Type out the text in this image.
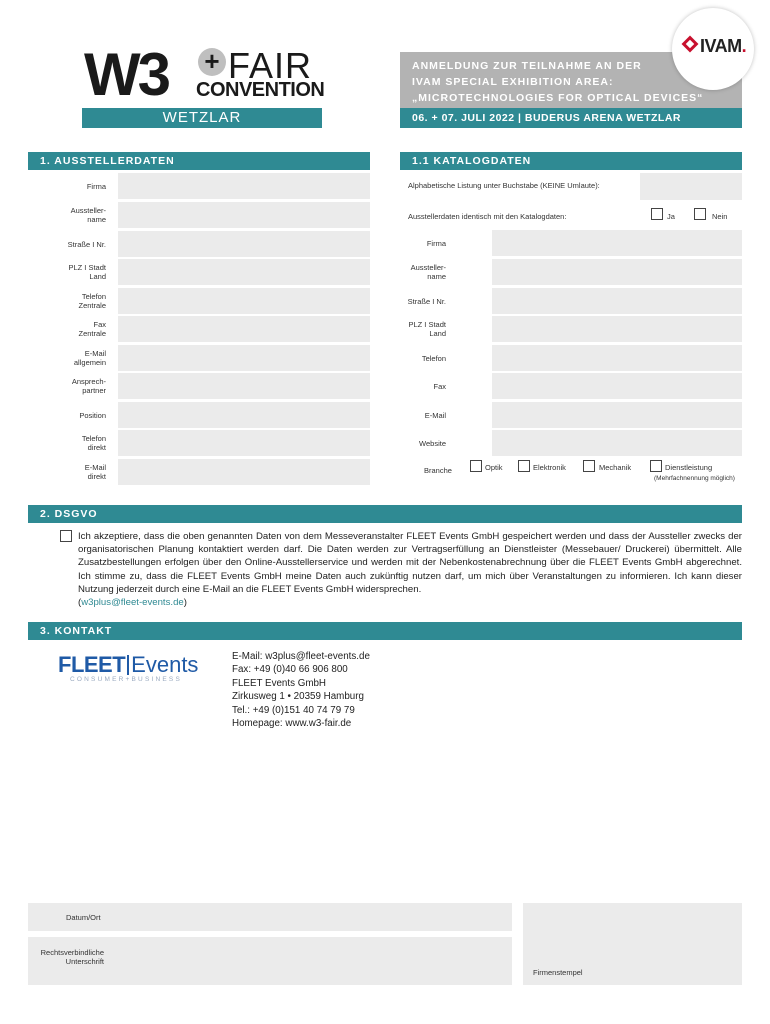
W3 + FAIR
CONVENTION
WETZLAR
ANMELDUNG ZUR TEILNAHME AN DER
IVAM SPECIAL EXHIBITION AREA:
„MICROTECHNOLOGIES FOR OPTICAL DEVICES“
06. + 07. JULI 2022 | BUDERUS ARENA WETZLAR
IVAM.
1. AUSSTELLERDATEN
Firma
Aussteller-
name
Straße I Nr.
PLZ I Stadt
Land
Telefon
Zentrale
Fax
Zentrale
E-Mail
allgemein
Ansprech-
partner
Position
Telefon
direkt
E-Mail
direkt
1.1 KATALOGDATEN
Alphabetische Listung unter Buchstabe (KEINE Umlaute):
Ausstellerdaten identisch mit den Katalogdaten:	Ja	Nein
Firma
Aussteller-
name
Straße I Nr.
PLZ I Stadt
Land
Telefon
Fax
E-Mail
Website
Branche	Optik	Elektronik	Mechanik	Dienstleistung
(Mehrfachnennung möglich)
2. DSGVO
Ich akzeptiere, dass die oben genannten Daten von dem Messeveranstalter FLEET Events GmbH gespeichert werden und dass der Aussteller zwecks der organisatorischen Planung kontaktiert werden darf. Die Daten werden zur Vertragserfüllung an Dienstleister (Messebauer/ Druckerei) übermittelt. Alle Zusatzbestellungen erfolgen über den Online-Ausstellerservice und werden mit der Nebenkostenabrechnung über die FLEET Events GmbH abgerechnet. Ich stimme zu, dass die FLEET Events GmbH meine Daten auch zukünftig nutzen darf, um mich über Veranstaltungen zu informieren. Ich kann dieser Nutzung jederzeit durch eine E-Mail an die FLEET Events GmbH widersprechen.
(w3plus@fleet-events.de)
3. KONTAKT
FLEET Events
CONSUMER+BUSINESS
E-Mail: w3plus@fleet-events.de
Fax: +49 (0)40 66 906 800
FLEET Events GmbH
Zirkusweg 1 • 20359 Hamburg
Tel.: +49 (0)151 40 74 79 79
Homepage: www.w3-fair.de
Datum/Ort
Rechtsverbindliche
Unterschrift
Firmenstempel
